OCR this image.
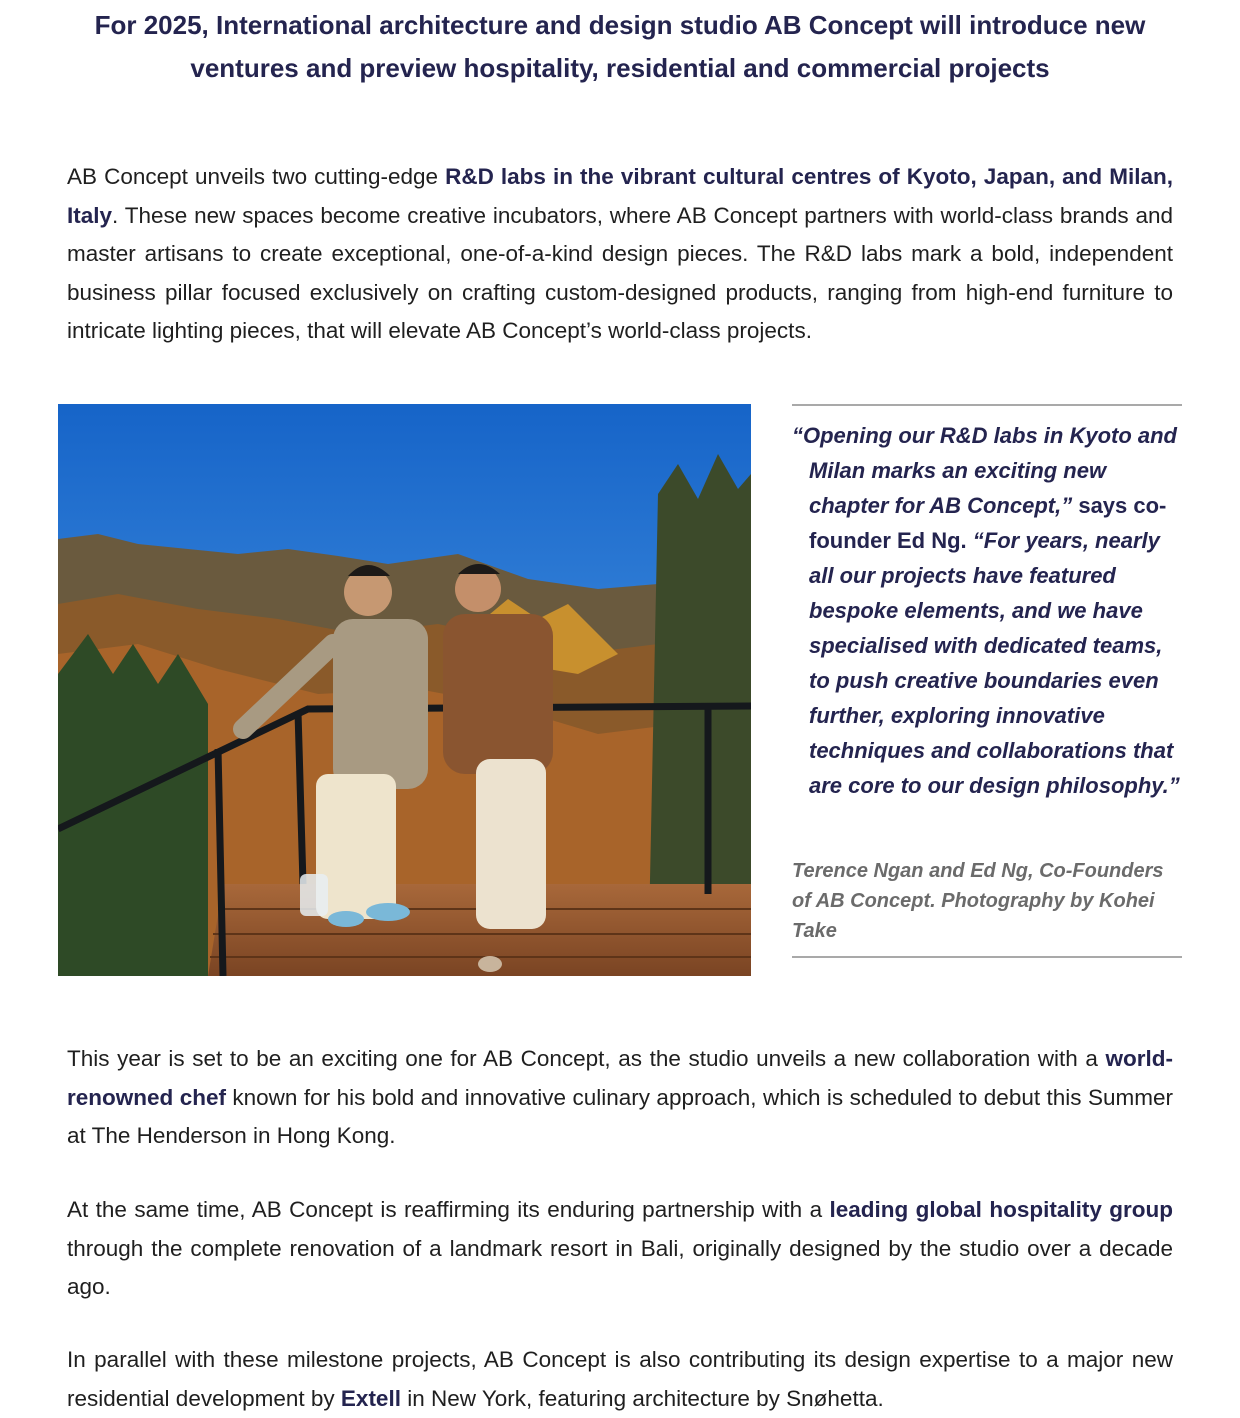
For 2025, International architecture and design studio AB Concept will introduce new ventures and preview hospitality, residential and commercial projects

AB Concept unveils two cutting-edge R&D labs in the vibrant cultural centres of Kyoto, Japan, and Milan, Italy. These new spaces become creative incubators, where AB Concept partners with world-class brands and master artisans to create exceptional, one-of-a-kind design pieces. The R&D labs mark a bold, independent business pillar focused exclusively on crafting custom-designed products, ranging from high-end furniture to intricate lighting pieces, that will elevate AB Concept’s world-class projects.

“Opening our R&D labs in Kyoto and Milan marks an exciting new chapter for AB Concept,” says co-founder Ed Ng. “For years, nearly all our projects have featured bespoke elements, and we have specialised with dedicated teams, to push creative boundaries even further, exploring innovative techniques and collaborations that are core to our design philosophy.”

Terence Ngan and Ed Ng, Co-Founders of AB Concept. Photography by Kohei Take

This year is set to be an exciting one for AB Concept, as the studio unveils a new collaboration with a world-renowned chef known for his bold and innovative culinary approach, which is scheduled to debut this Summer at The Henderson in Hong Kong.

At the same time, AB Concept is reaffirming its enduring partnership with a leading global hospitality group through the complete renovation of a landmark resort in Bali, originally designed by the studio over a decade ago.

In parallel with these milestone projects, AB Concept is also contributing its design expertise to a major new residential development by Extell in New York, featuring architecture by Snøhetta.
